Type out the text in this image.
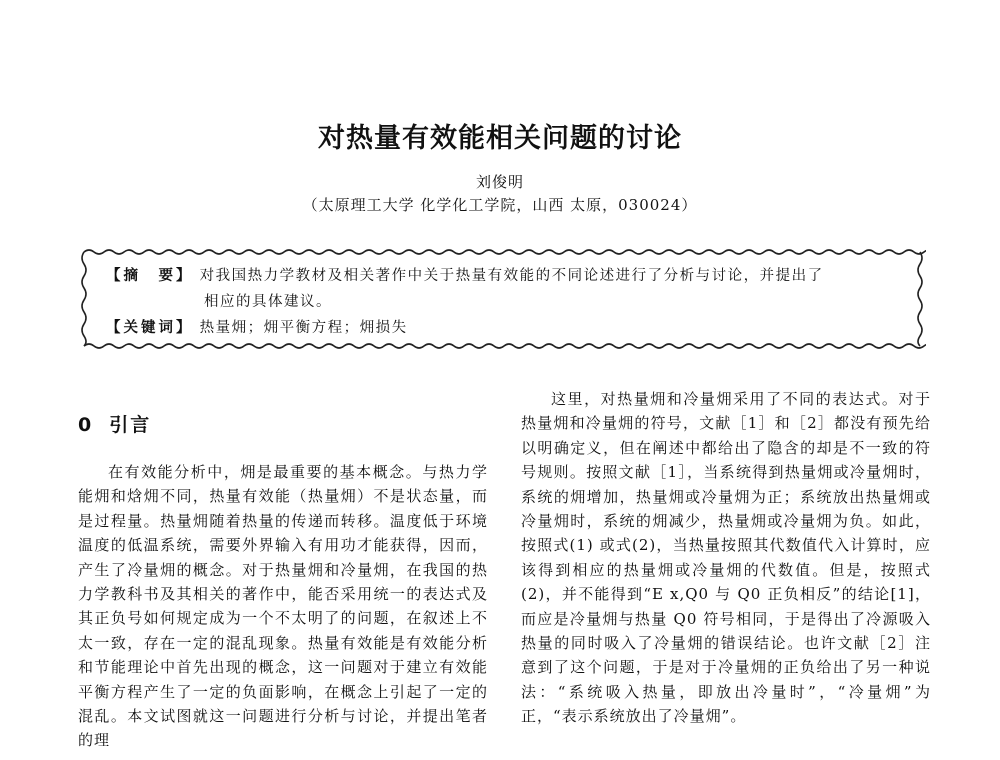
对热量有效能相关问题的讨论
刘俊明
（太原理工大学 化学化工学院，山西 太原，030024）
【摘　要】 对我国热力学教材及相关著作中关于热量有效能的不同论述进行了分析与讨论，并提出了
相应的具体建议。
【关键词】 热量㶲；㶲平衡方程；㶲损失
0 引言

在有效能分析中，㶲是最重要的基本概念。与热力学能㶲和焓㶲不同，热量有效能（热量㶲）不是状态量，而是过程量。热量㶲随着热量的传递而转移。温度低于环境温度的低温系统，需要外界输入有用功才能获得，因而，产生了冷量㶲的概念。对于热量㶲和冷量㶲，在我国的热力学教科书及其相关的著作中，能否采用统一的表达式及其正负号如何规定成为一个不太明了的问题，在叙述上不太一致，存在一定的混乱现象。热量有效能是有效能分析和节能理论中首先出现的概念，这一问题对于建立有效能平衡方程产生了一定的负面影响，在概念上引起了一定的混乱。本文试图就这一问题进行分析与讨论，并提出笔者的理

这里，对热量㶲和冷量㶲采用了不同的表达式。对于热量㶲和冷量㶲的符号，文献［1］和［2］都没有预先给以明确定义，但在阐述中都给出了隐含的却是不一致的符号规则。按照文献［1］，当系统得到热量㶲或冷量㶲时，系统的㶲增加，热量㶲或冷量㶲为正；系统放出热量㶲或冷量㶲时，系统的㶲减少，热量㶲或冷量㶲为负。如此，按照式(1) 或式(2)，当热量按照其代数值代入计算时，应该得到相应的热量㶲或冷量㶲的代数值。但是，按照式(2)，并不能得到“E x,Q0 与 Q0 正负相反”的结论[1]，而应是冷量㶲与热量 Q0 符号相同，于是得出了冷源吸入热量的同时吸入了冷量㶲的错误结论。也许文献［2］注意到了这个问题，于是对于冷量㶲的正负给出了另一种说法：“系统吸入热量，即放出冷量时”，“冷量㶲”为正，“表示系统放出了冷量㶲”。
